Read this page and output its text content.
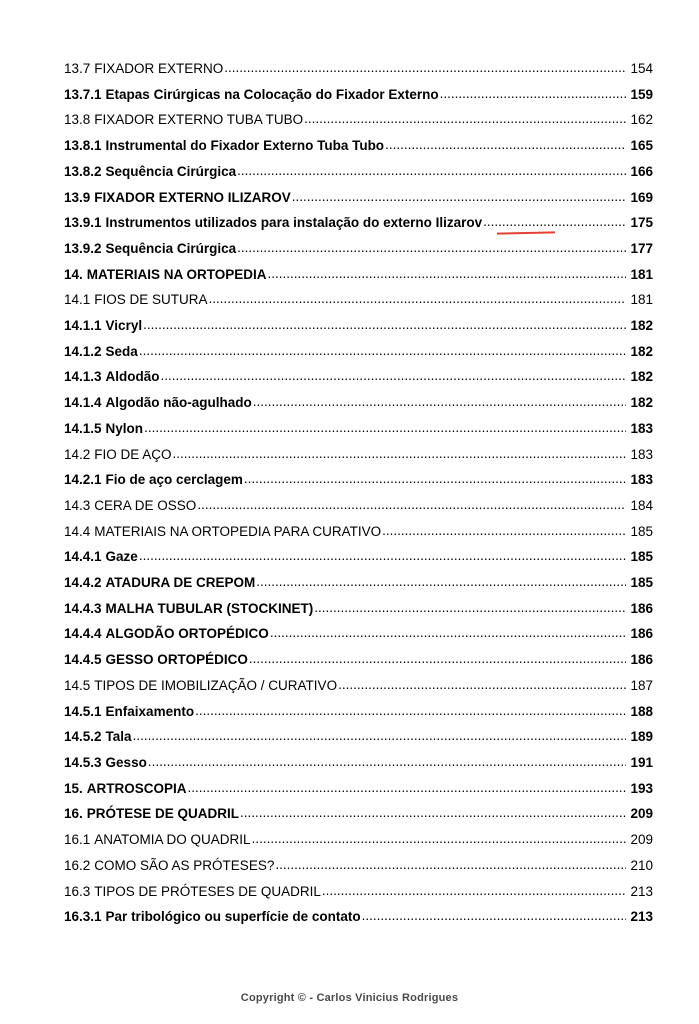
13.7 FIXADOR EXTERNO .....	154
13.7.1 Etapas Cirúrgicas na Colocação do Fixador Externo .....	159
13.8 FIXADOR EXTERNO TUBA TUBO .....	162
13.8.1 Instrumental do Fixador Externo Tuba Tubo .....	165
13.8.2 Sequência Cirúrgica .....	166
13.9 FIXADOR EXTERNO ILIZAROV .....	169
13.9.1 Instrumentos utilizados para instalação do externo Ilizarov .....	175
13.9.2 Sequência Cirúrgica .....	177
14. MATERIAIS NA ORTOPEDIA .....	181
14.1 FIOS DE SUTURA .....	181
14.1.1 Vicryl .....	182
14.1.2 Seda .....	182
14.1.3 Aldodão .....	182
14.1.4 Algodão não-agulhado .....	182
14.1.5 Nylon .....	183
14.2 FIO DE AÇO .....	183
14.2.1 Fio de aço cerclagem .....	183
14.3 CERA DE OSSO .....	184
14.4 MATERIAIS NA ORTOPEDIA PARA CURATIVO .....	185
14.4.1 Gaze .....	185
14.4.2 ATADURA DE CREPOM .....	185
14.4.3 MALHA TUBULAR (STOCKINET) .....	186
14.4.4 ALGODÃO ORTOPÉDICO .....	186
14.4.5 GESSO ORTOPÉDICO .....	186
14.5 TIPOS DE IMOBILIZAÇÃO / CURATIVO .....	187
14.5.1 Enfaixamento .....	188
14.5.2 Tala .....	189
14.5.3 Gesso .....	191
15. ARTROSCOPIA .....	193
16. PRÓTESE DE QUADRIL .....	209
16.1 ANATOMIA DO QUADRIL .....	209
16.2 COMO SÃO AS PRÓTESES? .....	210
16.3 TIPOS DE PRÓTESES DE QUADRIL .....	213
16.3.1 Par tribológico ou superfície de contato .....	213
Copyright © - Carlos Vinicius Rodrigues
